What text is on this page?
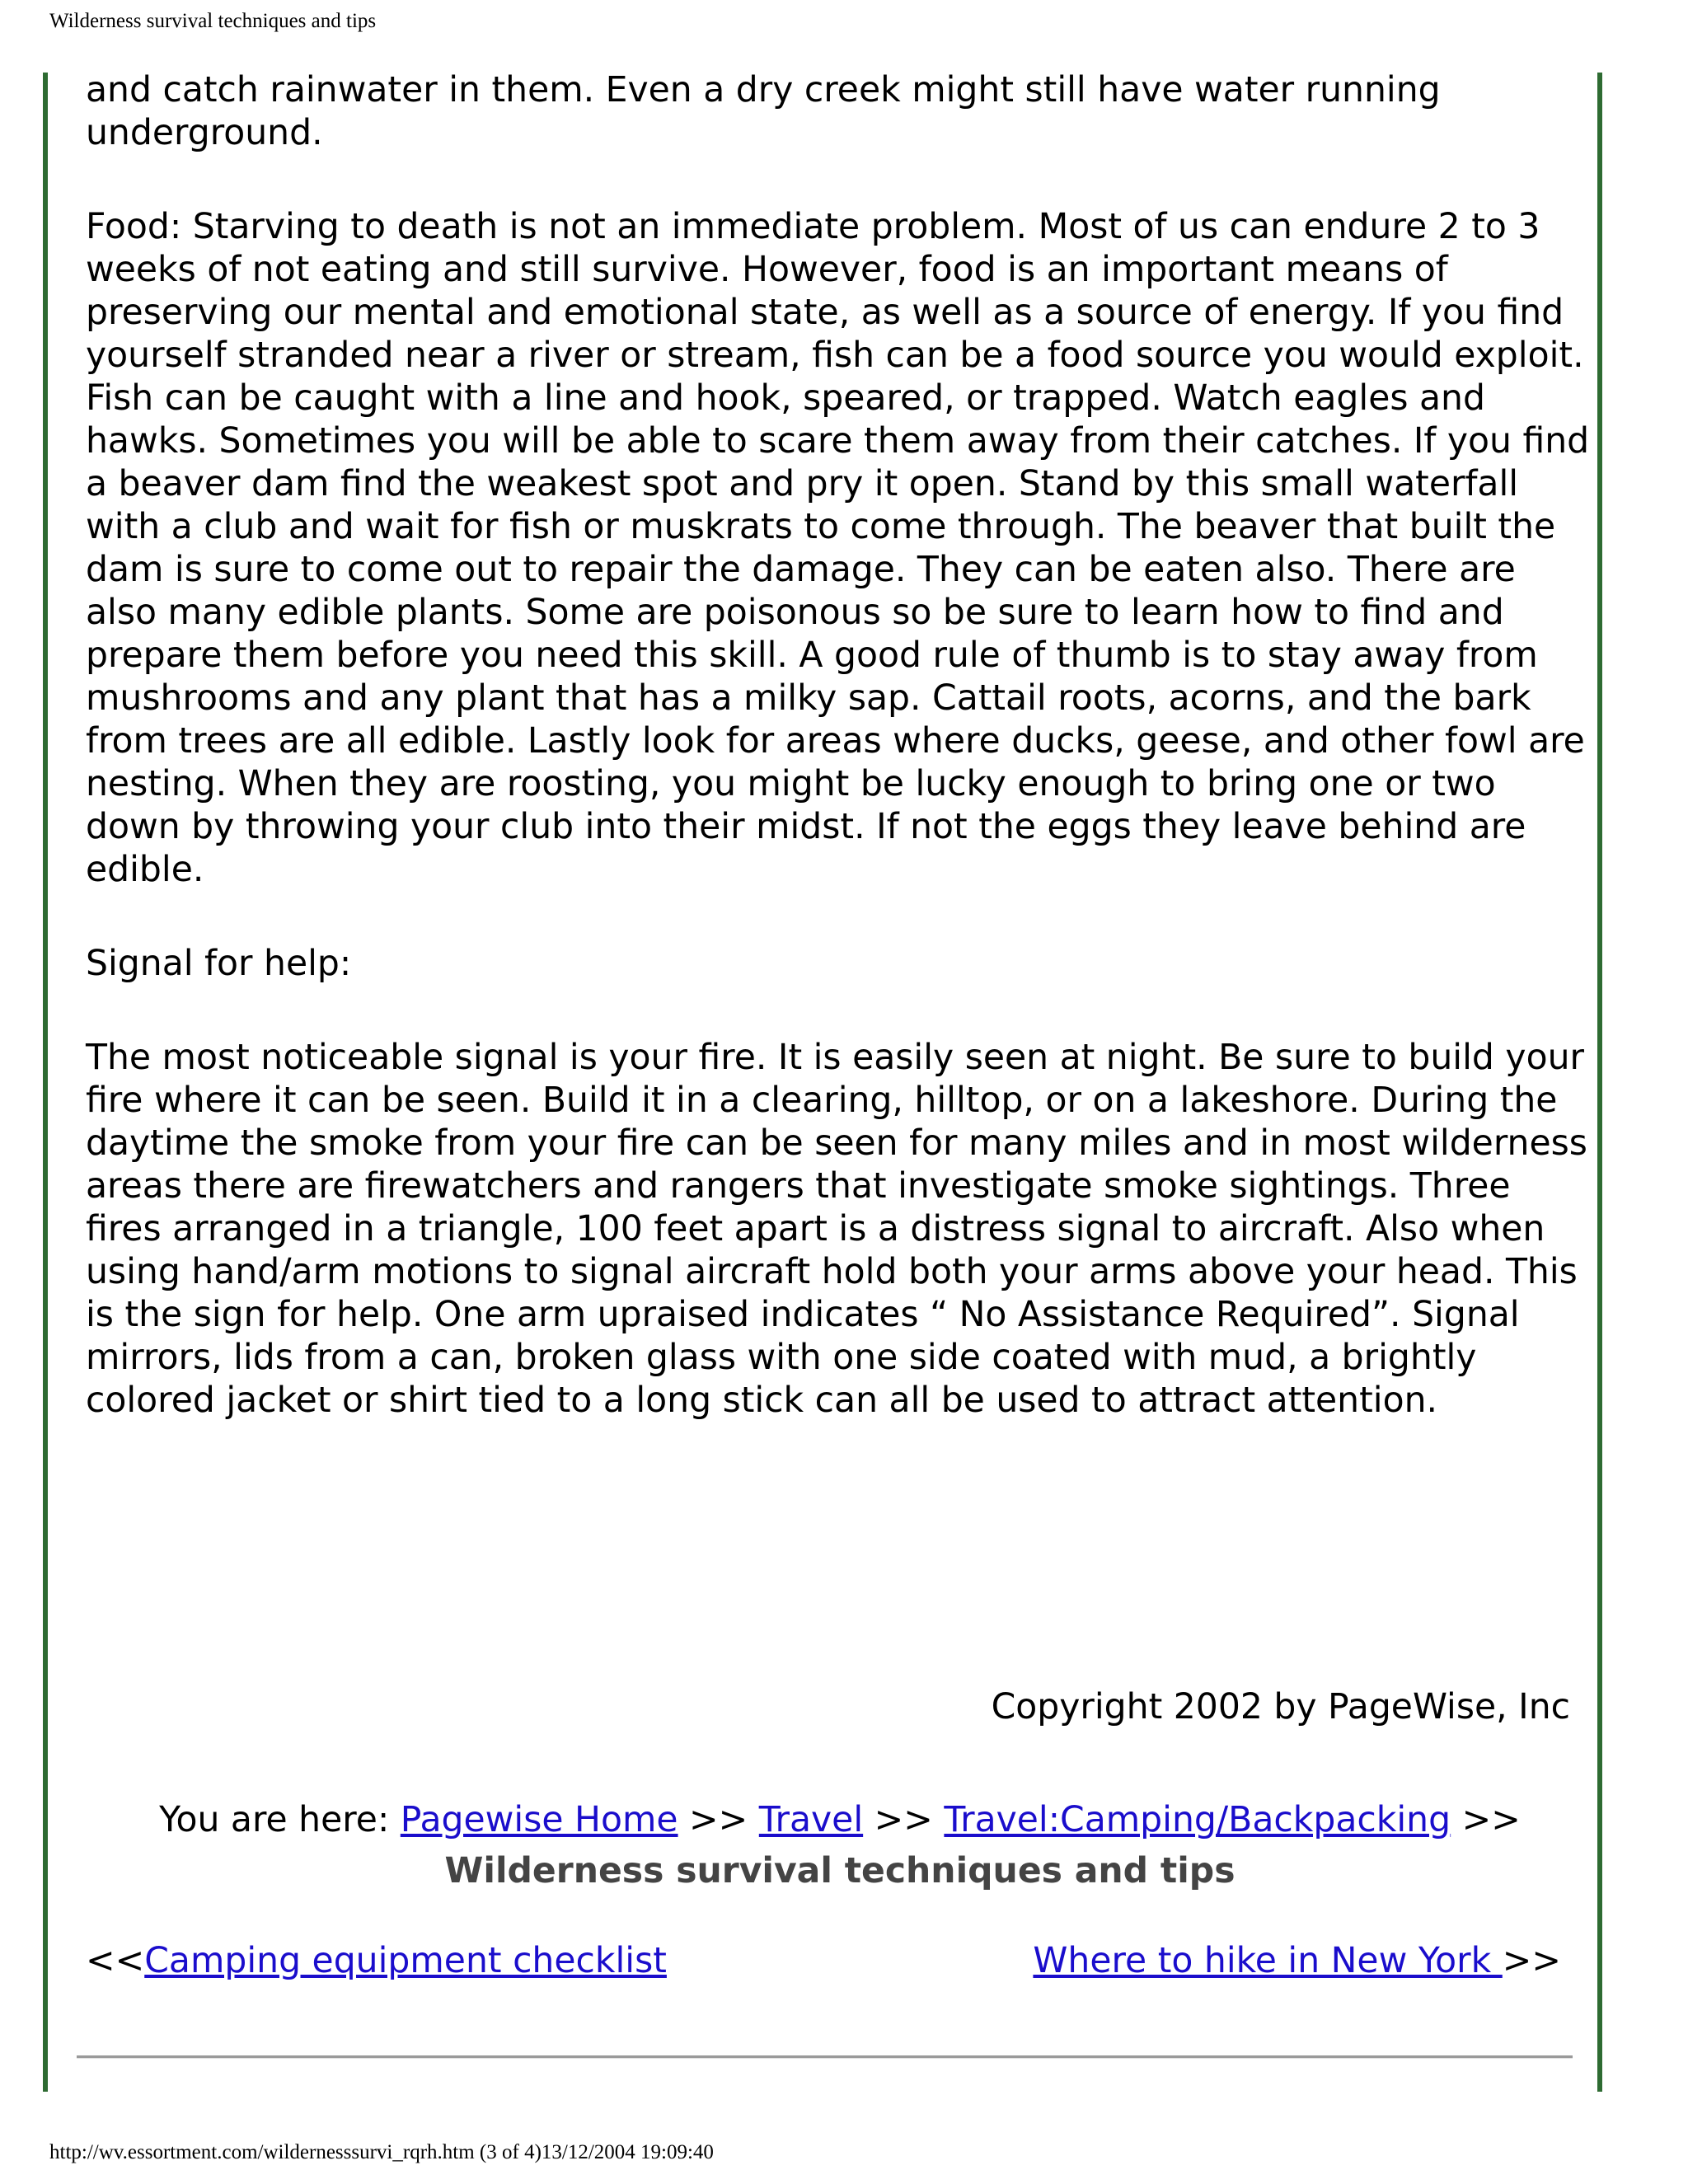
Wilderness survival techniques and tips

and catch rainwater in them. Even a dry creek might still have water running underground.

Food: Starving to death is not an immediate problem. Most of us can endure 2 to 3 weeks of not eating and still survive. However, food is an important means of preserving our mental and emotional state, as well as a source of energy. If you find yourself stranded near a river or stream, fish can be a food source you would exploit. Fish can be caught with a line and hook, speared, or trapped. Watch eagles and hawks. Sometimes you will be able to scare them away from their catches. If you find a beaver dam find the weakest spot and pry it open. Stand by this small waterfall with a club and wait for fish or muskrats to come through. The beaver that built the dam is sure to come out to repair the damage. They can be eaten also. There are also many edible plants. Some are poisonous so be sure to learn how to find and prepare them before you need this skill. A good rule of thumb is to stay away from mushrooms and any plant that has a milky sap. Cattail roots, acorns, and the bark from trees are all edible. Lastly look for areas where ducks, geese, and other fowl are nesting. When they are roosting, you might be lucky enough to bring one or two down by throwing your club into their midst. If not the eggs they leave behind are edible.

Signal for help:

The most noticeable signal is your fire. It is easily seen at night. Be sure to build your fire where it can be seen. Build it in a clearing, hilltop, or on a lakeshore. During the daytime the smoke from your fire can be seen for many miles and in most wilderness areas there are firewatchers and rangers that investigate smoke sightings. Three fires arranged in a triangle, 100 feet apart is a distress signal to aircraft. Also when using hand/arm motions to signal aircraft hold both your arms above your head. This is the sign for help. One arm upraised indicates “ No Assistance Required”. Signal mirrors, lids from a can, broken glass with one side coated with mud, a brightly colored jacket or shirt tied to a long stick can all be used to attract attention.

Copyright 2002 by PageWise, Inc
You are here: Pagewise Home >> Travel >> Travel:Camping/Backpacking >>
Wilderness survival techniques and tips
<<Camping equipment checklist	Where to hike in New York >>
http://wv.essortment.com/wildernesssurvi_rqrh.htm (3 of 4)13/12/2004 19:09:40
